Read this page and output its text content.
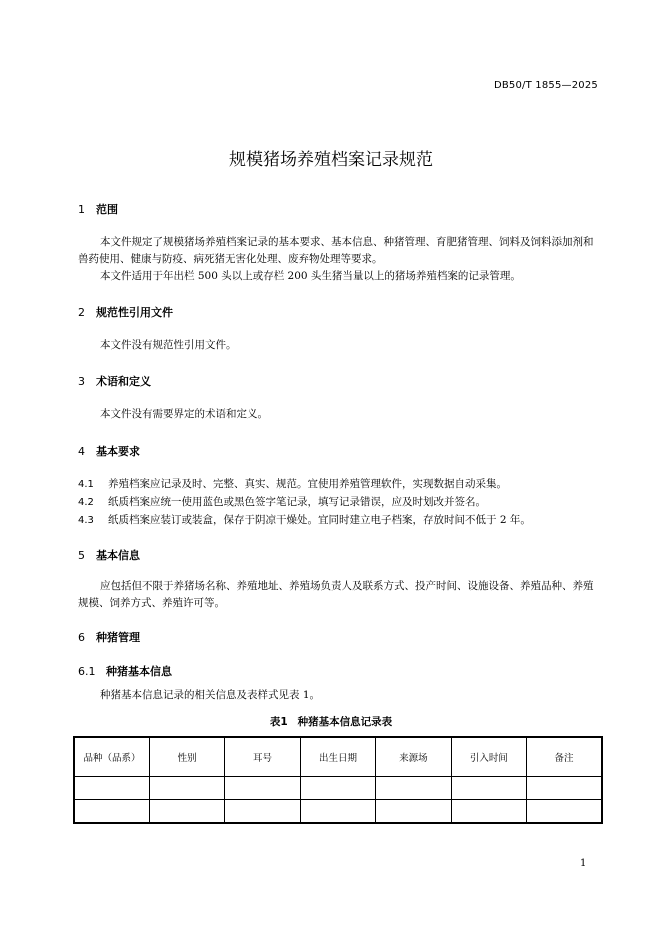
DB50/T 1855—2025
规模猪场养殖档案记录规范
1 范围
本文件规定了规模猪场养殖档案记录的基本要求、基本信息、种猪管理、育肥猪管理、饲料及饲料添加剂和兽药使用、健康与防疫、病死猪无害化处理、废弃物处理等要求。
本文件适用于年出栏 500 头以上或存栏 200 头生猪当量以上的猪场养殖档案的记录管理。
2 规范性引用文件
本文件没有规范性引用文件。
3 术语和定义
本文件没有需要界定的术语和定义。
4 基本要求
4.1 养殖档案应记录及时、完整、真实、规范。宜使用养殖管理软件，实现数据自动采集。
4.2 纸质档案应统一使用蓝色或黑色签字笔记录，填写记录错误，应及时划改并签名。
4.3 纸质档案应装订或装盒，保存于阴凉干燥处。宜同时建立电子档案，存放时间不低于 2 年。
5 基本信息
应包括但不限于养猪场名称、养殖地址、养殖场负责人及联系方式、投产时间、设施设备、养殖品种、养殖规模、饲养方式、养殖许可等。
6 种猪管理
6.1 种猪基本信息
种猪基本信息记录的相关信息及表样式见表 1。
表1 种猪基本信息记录表
品种（品系）	性别	耳号	出生日期	来源场	引入时间	备注

1
